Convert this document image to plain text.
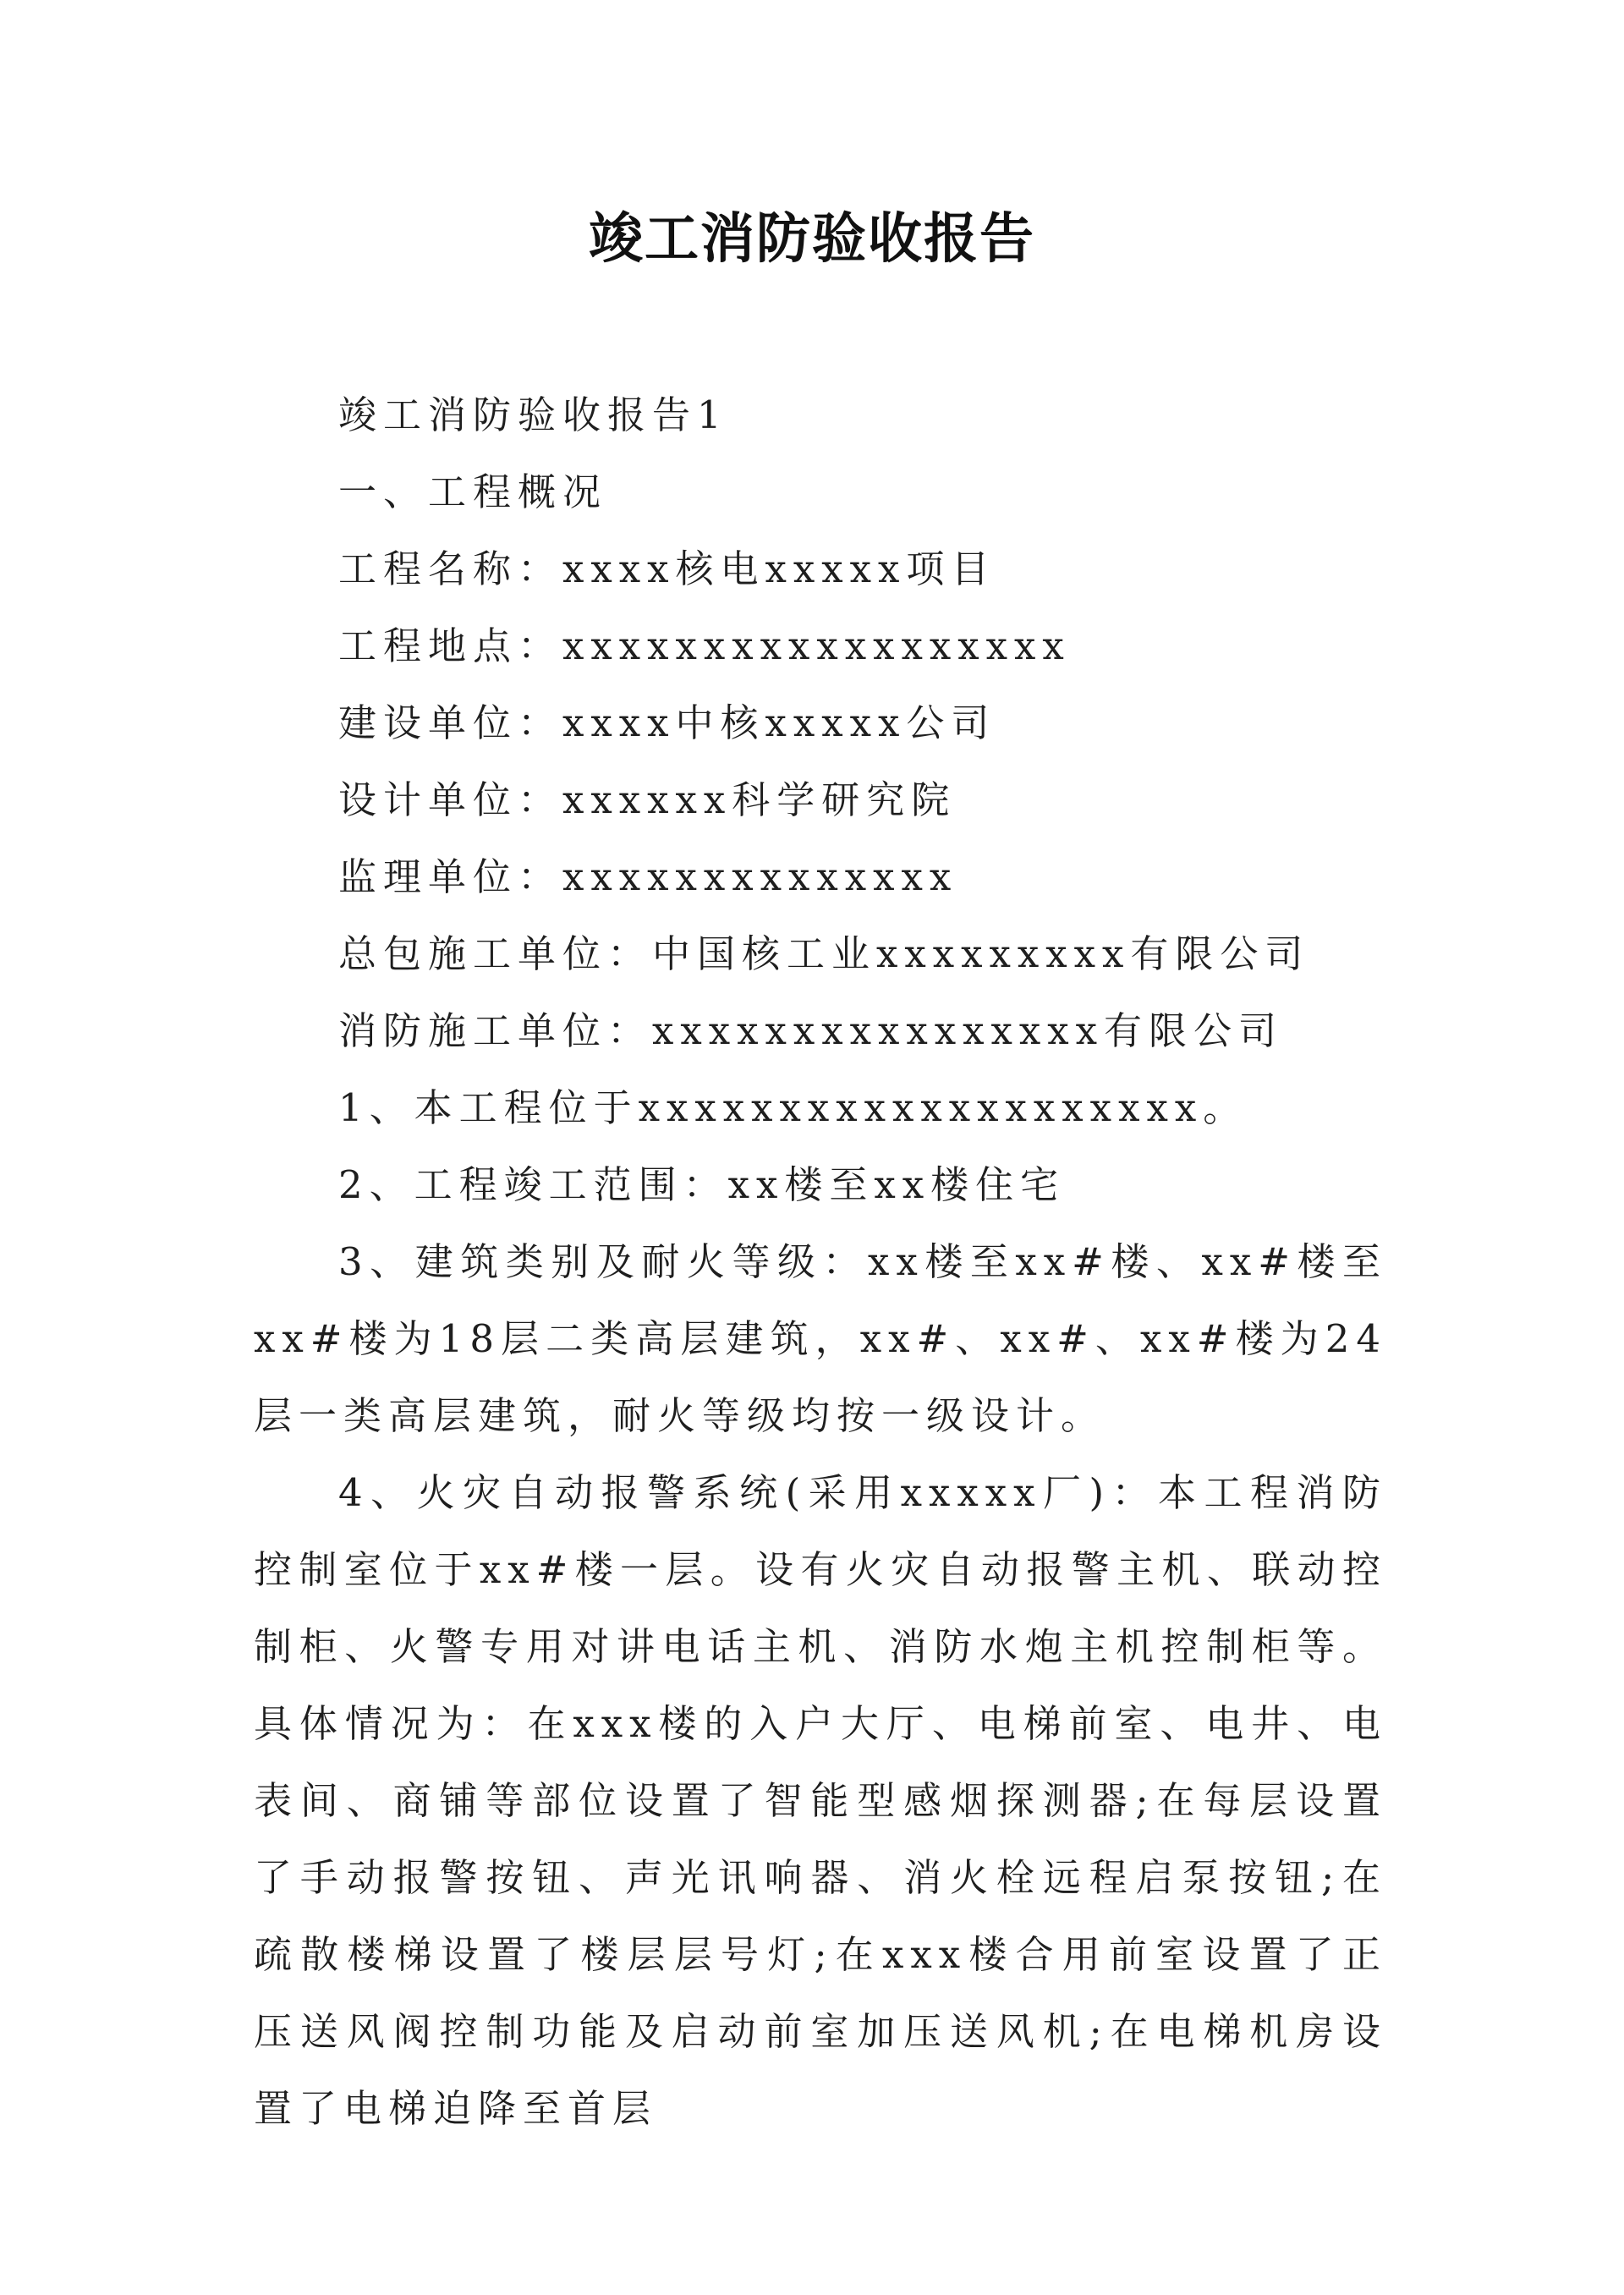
竣工消防验收报告

竣工消防验收报告1

一、工程概况

工程名称：xxxx核电xxxxx项目

工程地点：xxxxxxxxxxxxxxxxxx

建设单位：xxxx中核xxxxx公司

设计单位：xxxxxx科学研究院

监理单位：xxxxxxxxxxxxxx

总包施工单位：中国核工业xxxxxxxxx有限公司

消防施工单位：xxxxxxxxxxxxxxxx有限公司

1、本工程位于xxxxxxxxxxxxxxxxxxxx。

2、工程竣工范围：xx楼至xx楼住宅

3、建筑类别及耐火等级：xx楼至xx#楼、xx#楼至xx#楼为18层二类高层建筑，xx#、xx#、xx#楼为24层一类高层建筑，耐火等级均按一级设计。

4、火灾自动报警系统(采用xxxxx厂)：本工程消防控制室位于xx#楼一层。设有火灾自动报警主机、联动控制柜、火警专用对讲电话主机、消防水炮主机控制柜等。具体情况为：在xxx楼的入户大厅、电梯前室、电井、电表间、商铺等部位设置了智能型感烟探测器;在每层设置了手动报警按钮、声光讯响器、消火栓远程启泵按钮;在疏散楼梯设置了楼层层号灯;在xxx楼合用前室设置了正压送风阀控制功能及启动前室加压送风机;在电梯机房设置了电梯迫降至首层
